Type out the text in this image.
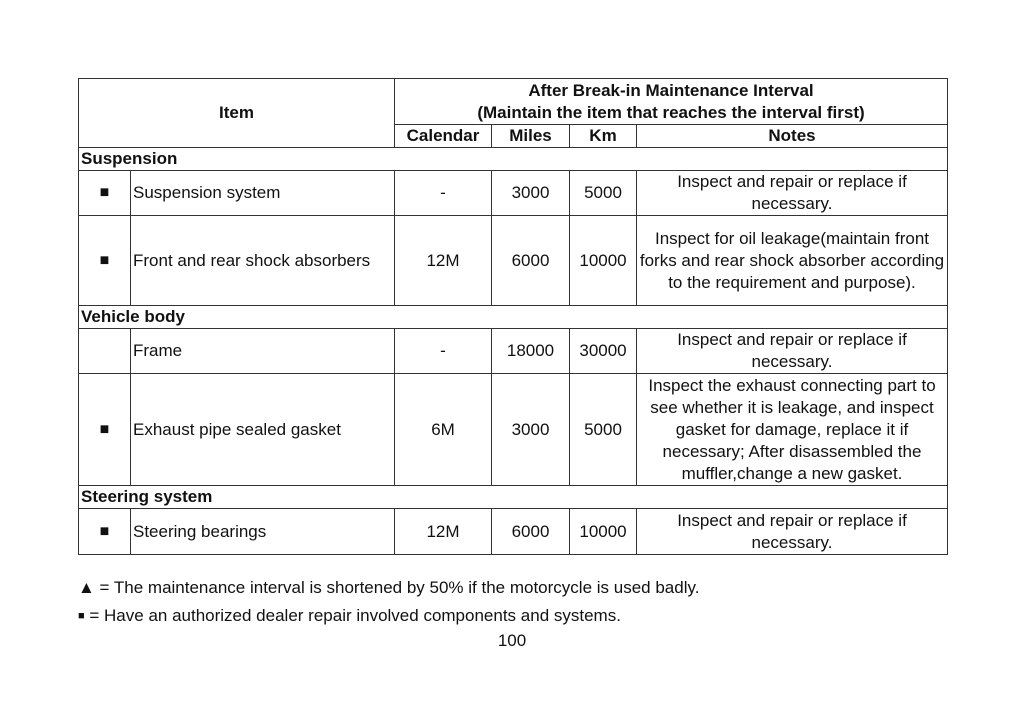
Item		After Break-in Maintenance Interval
(Maintain the item that reaches the interval first)			

		Calendar	Miles	Km	Notes
Suspension					
■	Suspension system	-	3000	5000	Inspect and repair or replace if necessary.
■	Front and rear shock absorbers	12M	6000	10000	Inspect for oil leakage(maintain front forks and rear shock absorber according to the requirement and purpose).
Vehicle body					
	Frame	-	18000	30000	Inspect and repair or replace if necessary.
■	Exhaust pipe sealed gasket	6M	3000	5000	Inspect the exhaust connecting part to see whether it is leakage, and inspect gasket for damage, replace it if necessary; After disassembled the muffler,change a new gasket.
Steering system					
■	Steering bearings	12M	6000	10000	Inspect and repair or replace if necessary.
▲ = The maintenance interval is shortened by 50% if the motorcycle is used badly.
■ = Have an authorized dealer repair involved components and systems.
100
